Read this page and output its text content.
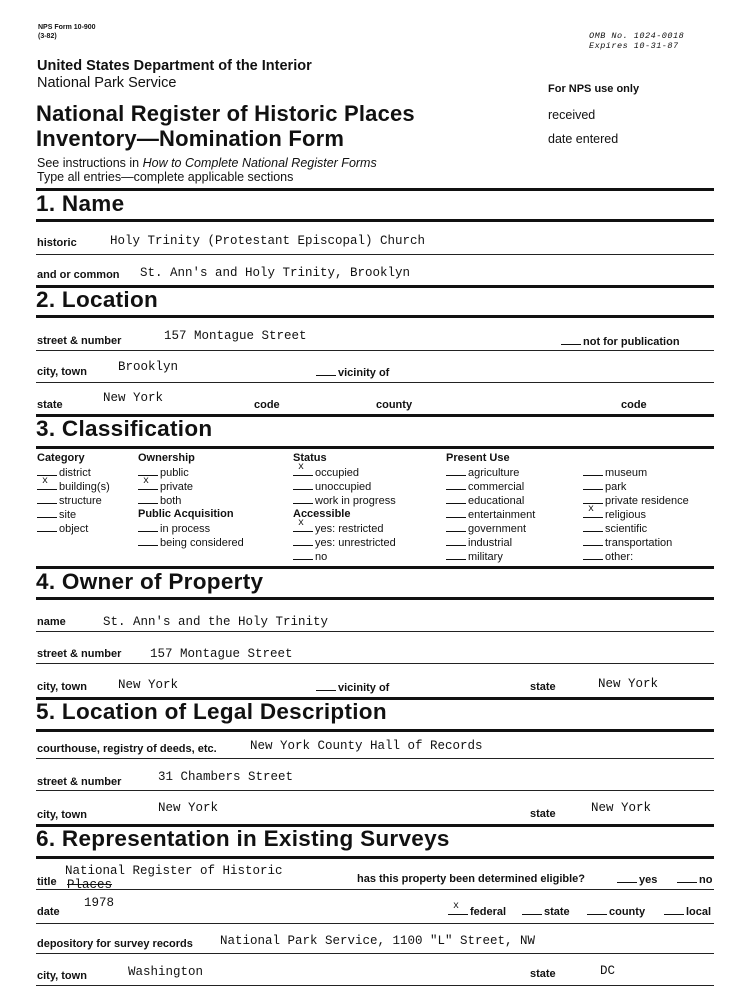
NPS Form 10-900
(3-82)	OMB No. 1024-0018
Expires 10-31-87
United States Department of the Interior
National Park Service
National Register of Historic Places
Inventory—Nomination Form
See instructions in How to Complete National Register Forms
Type all entries—complete applicable sections
For NPS use only
received
date entered
1. Name
historic	Holy Trinity (Protestant Episcopal) Church
and or common St. Ann's and Holy Trinity, Brooklyn
2. Location
street & number	157 Montague Street	not for publication
city, town Brooklyn	vicinity of
state	New York	code	county	code
3. Classification
Category
district
x building(s)
structure
site
object
Ownership
public
x private
both
Public Acquisition
in process
being considered
Status
x occupied
unoccupied
work in progress
Accessible
x yes: restricted
yes: unrestricted
no
Present Use
agriculture
commercial
educational
entertainment
government
industrial
military
museum
park
private residence
x religious
scientific
transportation
other:
4. Owner of Property
name	St. Ann's and the Holy Trinity
street & number 157 Montague Street
city, town New York	vicinity of	state	New York
5. Location of Legal Description
courthouse, registry of deeds, etc.	New York County Hall of Records
street & number	31 Chambers Street
city, town	New York	state	New York
6. Representation in Existing Surveys
title
National Register of Historic
Places	has this property been determined eligible?	yes	no
date
1978	x federal	state	county	local
depository for survey records National Park Service, 1100 "L" Street, NW
city, town	Washington	state	DC
